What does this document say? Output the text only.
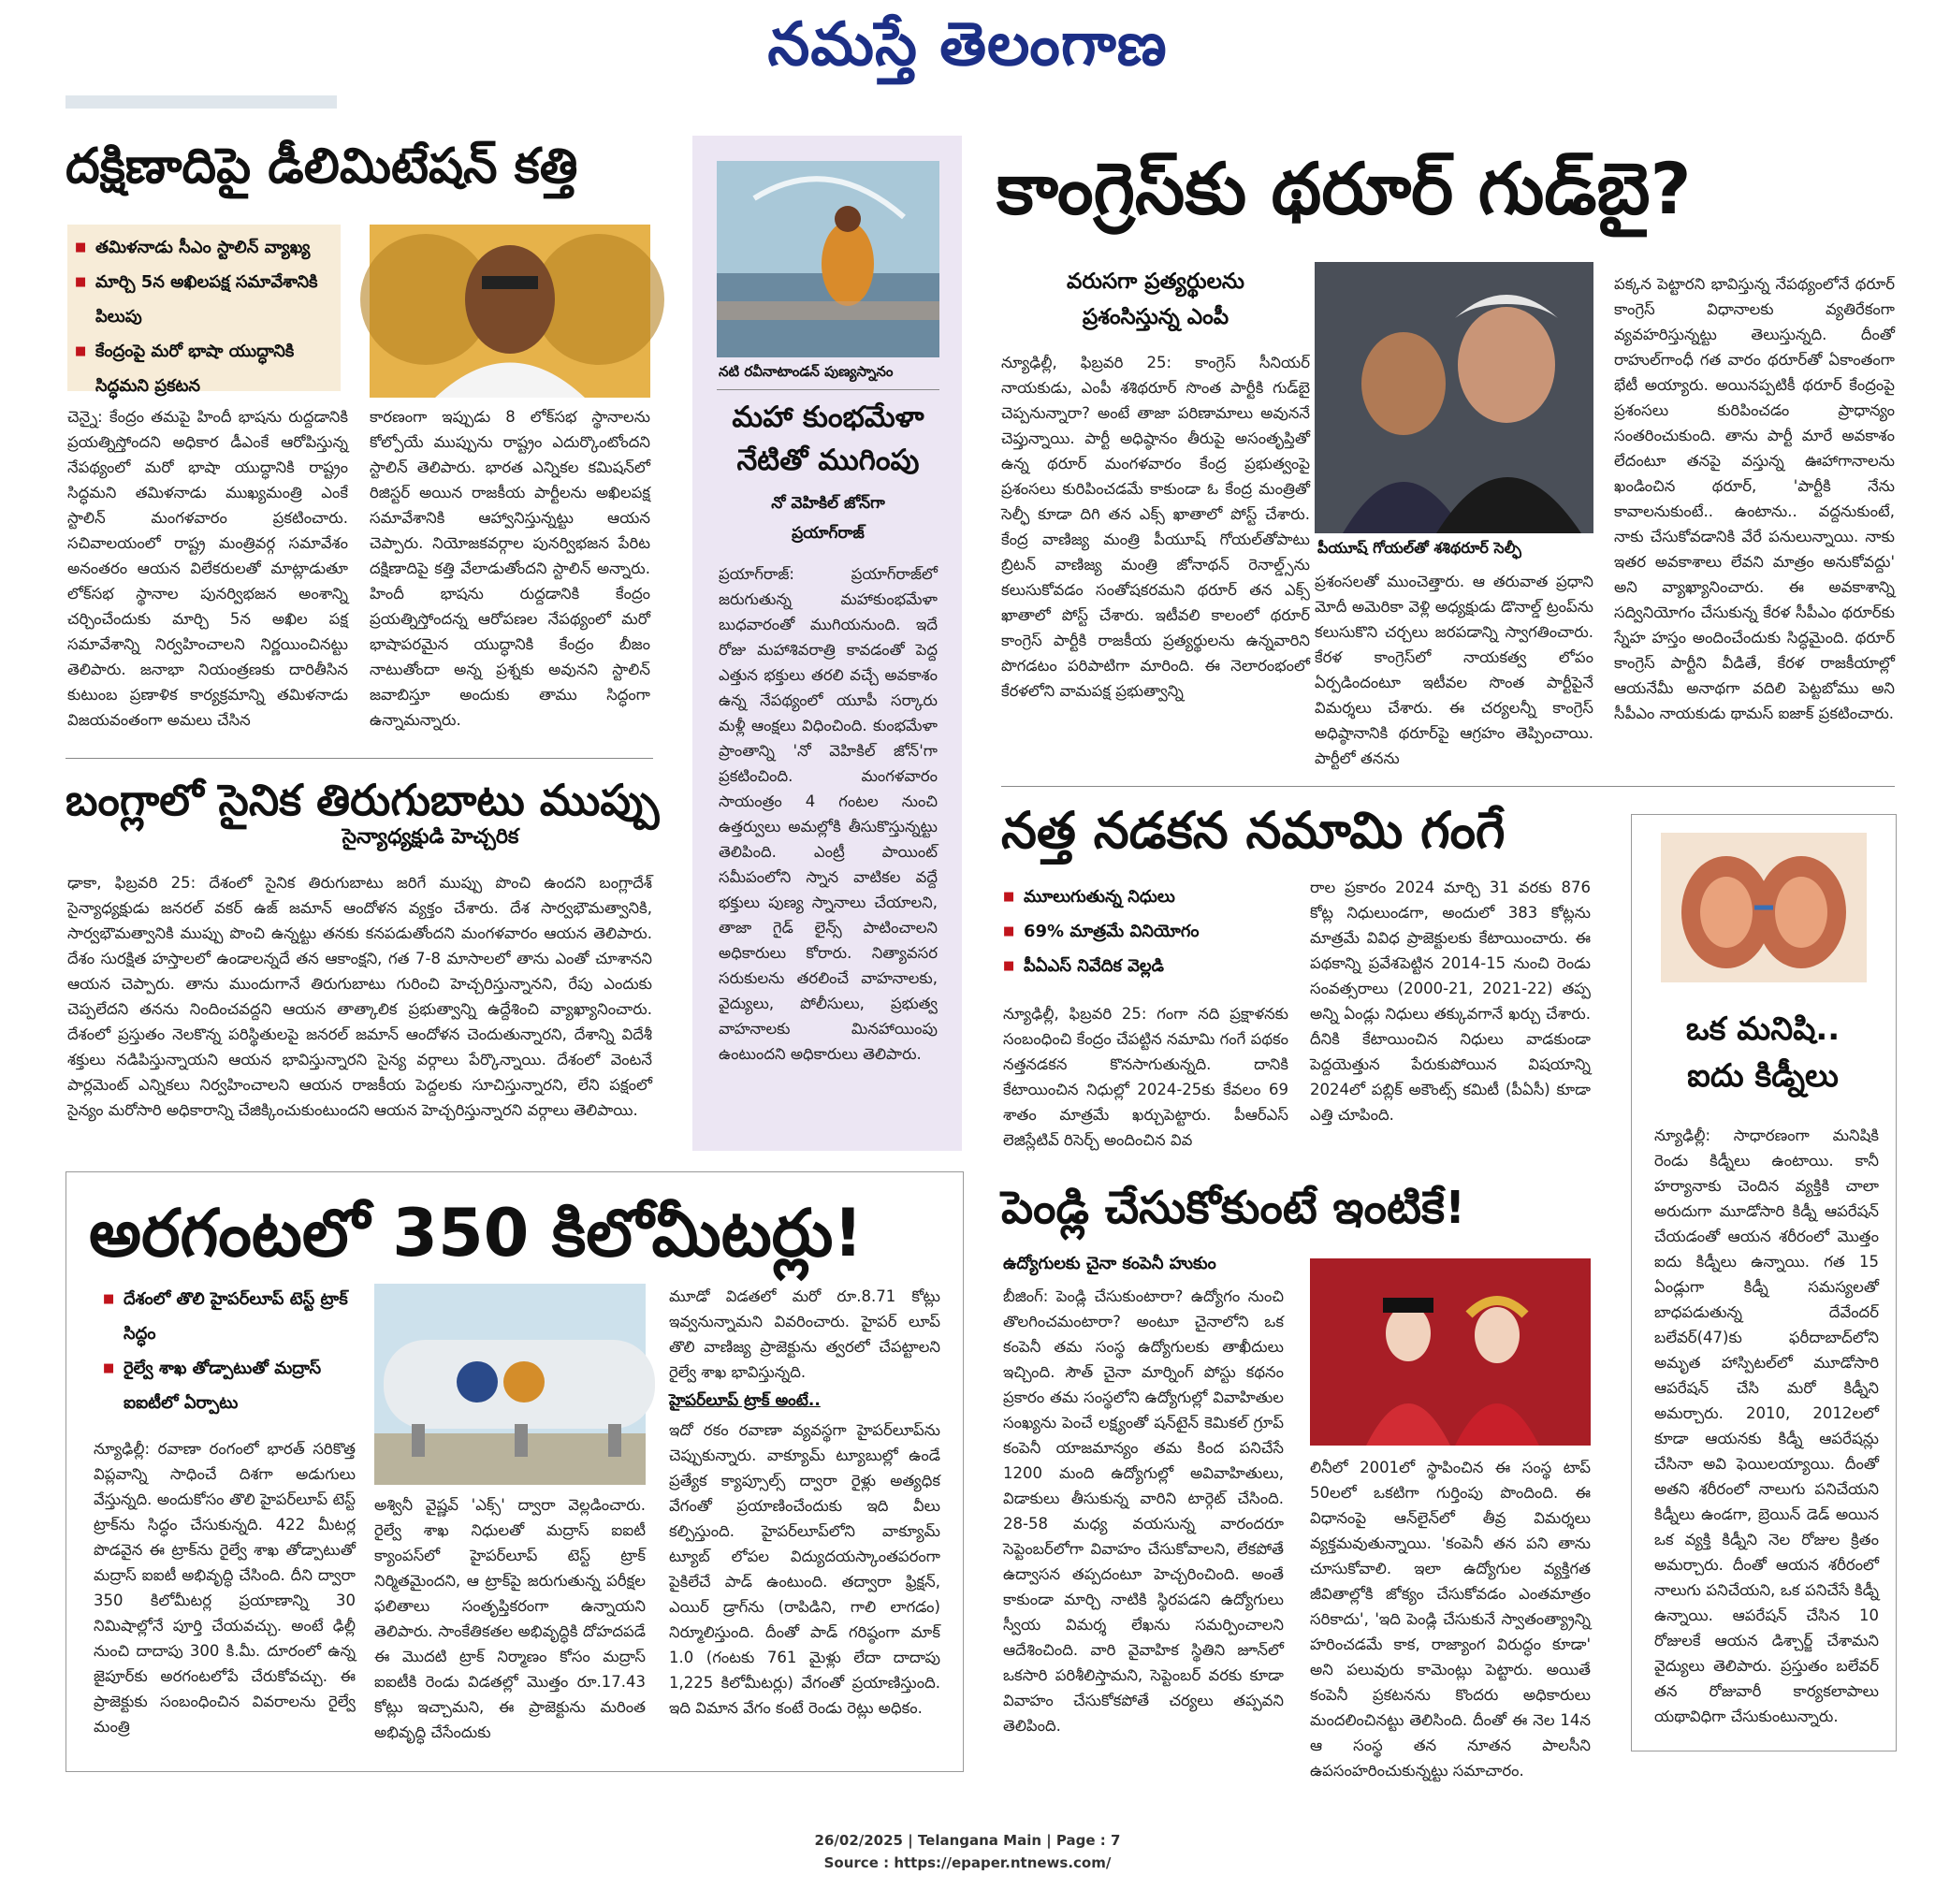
నమస్తే తెలంగాణ
దక్షిణాదిపై డీలిమిటేషన్ కత్తి
■ తమిళనాడు సీఎం స్టాలిన్ వ్యాఖ్య
■ మార్చి 5న అఖిలపక్ష సమావేశానికి పిలుపు
■ కేంద్రంపై మరో భాషా యుద్ధానికి సిద్ధమని ప్రకటన
చెన్నై: కేంద్రం తమపై హిందీ భాషను రుద్దడానికి ప్రయత్నిస్తోందని అధికార డీఎంకే ఆరోపిస్తున్న నేపథ్యంలో మరో భాషా యుద్ధానికి రాష్ట్రం సిద్ధమని తమిళనాడు ముఖ్యమంత్రి ఎంకే స్టాలిన్ మంగళవారం ప్రకటించారు. సచివాలయంలో రాష్ట్ర మంత్రివర్గ సమావేశం అనంతరం ఆయన విలేకరులతో మాట్లాడుతూ లోక్‌సభ స్థానాల పునర్విభజన అంశాన్ని చర్చించేందుకు మార్చి 5న అఖిల పక్ష సమావేశాన్ని నిర్వహించాలని నిర్ణయించినట్టు తెలిపారు. జనాభా నియంత్రణకు దారితీసిన కుటుంబ ప్రణాళిక కార్యక్రమాన్ని తమిళనాడు విజయవంతంగా అమలు చేసిన
కారణంగా ఇప్పుడు 8 లోక్‌సభ స్థానాలను కోల్పోయే ముప్పును రాష్ట్రం ఎదుర్కొంటోందని స్టాలిన్ తెలిపారు. భారత ఎన్నికల కమిషన్‌లో రిజిస్టర్ అయిన రాజకీయ పార్టీలను అఖిలపక్ష సమావేశానికి ఆహ్వానిస్తున్నట్టు ఆయన చెప్పారు. నియోజకవర్గాల పునర్విభజన పేరిట దక్షిణాదిపై కత్తి వేలాడుతోందని స్టాలిన్ అన్నారు. హిందీ భాషను రుద్దడానికి కేంద్రం ప్రయత్నిస్తోందన్న ఆరోపణల నేపథ్యంలో మరో భాషాపరమైన యుద్ధానికి కేంద్రం బీజం నాటుతోందా అన్న ప్రశ్నకు అవునని స్టాలిన్ జవాబిస్తూ అందుకు తాము సిద్ధంగా ఉన్నామన్నారు.
బంగ్లాలో సైనిక తిరుగుబాటు ముప్పు
సైన్యాధ్యక్షుడి హెచ్చరిక
ఢాకా, ఫిబ్రవరి 25: దేశంలో సైనిక తిరుగుబాటు జరిగే ముప్పు పొంచి ఉందని బంగ్లాదేశ్ సైన్యాధ్యక్షుడు జనరల్ వకర్ ఉజ్ జమాన్ ఆందోళన వ్యక్తం చేశారు. దేశ సార్వభౌమత్వానికి, సార్వభౌమత్వానికి ముప్పు పొంచి ఉన్నట్టు తనకు కనపడుతోందని మంగళవారం ఆయన తెలిపారు. దేశం సురక్షిత హస్తాలలో ఉండాలన్నదే తన ఆకాంక్షని, గత 7-8 మాసాలలో తాను ఎంతో చూశానని ఆయన చెప్పారు. తాను ముందుగానే తిరుగుబాటు గురించి హెచ్చరిస్తున్నానని, రేపు ఎందుకు చెప్పలేదని తనను నిందించవద్దని ఆయన తాత్కాలిక ప్రభుత్వాన్ని ఉద్దేశించి వ్యాఖ్యానించారు. దేశంలో ప్రస్తుతం నెలకొన్న పరిస్థితులపై జనరల్ జమాన్ ఆందోళన చెందుతున్నారని, దేశాన్ని విదేశీ శక్తులు నడిపిస్తున్నాయని ఆయన భావిస్తున్నారని సైన్య వర్గాలు పేర్కొన్నాయి. దేశంలో వెంటనే పార్లమెంట్ ఎన్నికలు నిర్వహించాలని ఆయన రాజకీయ పెద్దలకు సూచిస్తున్నారని, లేని పక్షంలో సైన్యం మరోసారి అధికారాన్ని చేజిక్కించుకుంటుందని ఆయన హెచ్చరిస్తున్నారని వర్గాలు తెలిపాయి.
నటి రవీనాటాండన్ పుణ్యస్నానం
మహా కుంభమేళా
నేటితో ముగింపు
నో వెహికిల్ జోన్‌గా
ప్రయాగ్‌రాజ్
ప్రయాగ్‌రాజ్: ప్రయాగ్‌రాజ్‌లో జరుగుతున్న మహాకుంభమేళా బుధవారంతో ముగియనుంది. ఇదే రోజు మహాశివరాత్రి కావడంతో పెద్ద ఎత్తున భక్తులు తరలి వచ్చే అవకాశం ఉన్న నేపథ్యంలో యూపీ సర్కారు మళ్లీ ఆంక్షలు విధించింది. కుంభమేళా ప్రాంతాన్ని 'నో వెహికిల్ జోన్'గా ప్రకటించింది. మంగళవారం సాయంత్రం 4 గంటల నుంచి ఉత్తర్వులు అమల్లోకి తీసుకొస్తున్నట్టు తెలిపింది. ఎంట్రీ పాయింట్ సమీపంలోని స్నాన వాటికల వద్దే భక్తులు పుణ్య స్నానాలు చేయాలని, తాజా గైడ్ లైన్స్ పాటించాలని అధికారులు కోరారు. నిత్యావసర సరుకులను తరలించే వాహనాలకు, వైద్యులు, పోలీసులు, ప్రభుత్వ వాహనాలకు మినహాయింపు ఉంటుందని అధికారులు తెలిపారు.
కాంగ్రెస్‌కు థరూర్ గుడ్‌బై?
వరుసగా ప్రత్యర్థులను
ప్రశంసిస్తున్న ఎంపీ
న్యూఢిల్లీ, ఫిబ్రవరి 25: కాంగ్రెస్ సీనియర్ నాయకుడు, ఎంపీ శశిథరూర్ సొంత పార్టీకి గుడ్‌బై చెప్పనున్నారా? అంటే తాజా పరిణామాలు అవుననే చెప్తున్నాయి. పార్టీ అధిష్ఠానం తీరుపై అసంతృప్తితో ఉన్న థరూర్ మంగళవారం కేంద్ర ప్రభుత్వంపై ప్రశంసలు కురిపించడమే కాకుండా ఓ కేంద్ర మంత్రితో సెల్ఫీ కూడా దిగి తన ఎక్స్ ఖాతాలో పోస్ట్ చేశారు. కేంద్ర వాణిజ్య మంత్రి పీయూష్ గోయల్‌తోపాటు బ్రిటన్ వాణిజ్య మంత్రి జోనాథన్ రెనాల్డ్స్‌ను కలుసుకోవడం సంతోషకరమని థరూర్ తన ఎక్స్ ఖాతాలో పోస్ట్ చేశారు. ఇటీవలి కాలంలో థరూర్ కాంగ్రెస్ పార్టీకి రాజకీయ ప్రత్యర్థులను ఉన్నవారిని పొగడటం పరిపాటిగా మారింది. ఈ నెలారంభంలో కేరళలోని వామపక్ష ప్రభుత్వాన్ని
పీయూష్ గోయల్‌తో శశిథరూర్ సెల్ఫీ
ప్రశంసలతో ముంచెత్తారు. ఆ తరువాత ప్రధాని మోదీ అమెరికా వెళ్లి అధ్యక్షుడు డొనాల్డ్ ట్రంప్‌ను కలుసుకొని చర్చలు జరపడాన్ని స్వాగతించారు. కేరళ కాంగ్రెస్‌లో నాయకత్వ లోపం ఏర్పడిందంటూ ఇటీవల సొంత పార్టీపైనే విమర్శలు చేశారు. ఈ చర్యలన్నీ కాంగ్రెస్ అధిష్ఠానానికి థరూర్‌పై ఆగ్రహం తెప్పించాయి. పార్టీలో తనను
పక్కన పెట్టారని భావిస్తున్న నేపథ్యంలోనే థరూర్ కాంగ్రెస్ విధానాలకు వ్యతిరేకంగా వ్యవహరిస్తున్నట్టు తెలుస్తున్నది. దీంతో రాహుల్‌గాంధీ గత వారం థరూర్‌తో ఏకాంతంగా భేటీ అయ్యారు. అయినప్పటికీ థరూర్ కేంద్రంపై ప్రశంసలు కురిపించడం ప్రాధాన్యం సంతరించుకుంది. తాను పార్టీ మారే అవకాశం లేదంటూ తనపై వస్తున్న ఊహాగానాలను ఖండించిన థరూర్, 'పార్టీకి నేను కావాలనుకుంటే.. ఉంటాను.. వద్దనుకుంటే, నాకు చేసుకోవడానికి వేరే పనులున్నాయి. నాకు ఇతర అవకాశాలు లేవని మాత్రం అనుకోవద్దు' అని వ్యాఖ్యానించారు. ఈ అవకాశాన్ని సద్వినియోగం చేసుకున్న కేరళ సీపీఎం థరూర్‌కు స్నేహ హస్తం అందించేందుకు సిద్ధమైంది. థరూర్ కాంగ్రెస్ పార్టీని వీడితే, కేరళ రాజకీయాల్లో ఆయనేమీ అనాథగా వదిలి పెట్టబోము అని సీపీఎం నాయకుడు థామస్ ఐజాక్ ప్రకటించారు.
నత్త నడకన నమామి గంగే
■ మూలుగుతున్న నిధులు
■ 69% మాత్రమే వినియోగం
■ పీఏఎస్ నివేదిక వెల్లడి
న్యూఢిల్లీ, ఫిబ్రవరి 25: గంగా నది ప్రక్షాళనకు సంబంధించి కేంద్రం చేపట్టిన నమామి గంగే పథకం నత్తనడకన కొనసాగుతున్నది. దానికి కేటాయించిన నిధుల్లో 2024-25కు కేవలం 69 శాతం మాత్రమే ఖర్చుపెట్టారు. పీఆర్ఎస్ లెజిస్లేటివ్ రిసెర్చ్ అందించిన వివ
రాల ప్రకారం 2024 మార్చి 31 వరకు 876 కోట్ల నిధులుండగా, అందులో 383 కోట్లను మాత్రమే వివిధ ప్రాజెక్టులకు కేటాయించారు. ఈ పథకాన్ని ప్రవేశపెట్టిన 2014-15 నుంచి రెండు సంవత్సరాలు (2000-21, 2021-22) తప్ప అన్ని ఏండ్లు నిధులు తక్కువగానే ఖర్చు చేశారు. దీనికి కేటాయించిన నిధులు వాడకుండా పెద్దయెత్తున పేరుకుపోయిన విషయాన్ని 2024లో పబ్లిక్ అకౌంట్స్ కమిటీ (పీఏసీ) కూడా ఎత్తి చూపింది.
ఒక మనిషి..
ఐదు కిడ్నీలు
న్యూఢిల్లీ: సాధారణంగా మనిషికి రెండు కిడ్నీలు ఉంటాయి. కానీ హర్యానాకు చెందిన వ్యక్తికి చాలా అరుదుగా మూడోసారి కిడ్నీ ఆపరేషన్ చేయడంతో ఆయన శరీరంలో మొత్తం ఐదు కిడ్నీలు ఉన్నాయి. గత 15 ఏండ్లుగా కిడ్నీ సమస్యలతో బాధపడుతున్న దేవేందర్ బలేవర్(47)కు ఫరీదాబాద్‌లోని అమృత హాస్పిటల్‌లో మూడోసారి ఆపరేషన్ చేసి మరో కిడ్నీని అమర్చారు. 2010, 2012లలో కూడా ఆయనకు కిడ్నీ ఆపరేషన్లు చేసినా అవి ఫెయిలయ్యాయి. దీంతో అతని శరీరంలో నాలుగు పనిచేయని కిడ్నీలు ఉండగా, బ్రెయిన్ డెడ్ అయిన ఒక వ్యక్తి కిడ్నీని నెల రోజుల క్రితం అమర్చారు. దీంతో ఆయన శరీరంలో నాలుగు పనిచేయని, ఒక పనిచేసే కిడ్నీ ఉన్నాయి. ఆపరేషన్ చేసిన 10 రోజులకే ఆయన డిశ్చార్జ్ చేశామని వైద్యులు తెలిపారు. ప్రస్తుతం బలేవర్ తన రోజువారీ కార్యకలాపాలు యథావిధిగా చేసుకుంటున్నారు.
అరగంటలో 350 కిలోమీటర్లు!
■ దేశంలో తొలి హైపర్‌లూప్ టెస్ట్ ట్రాక్ సిద్ధం
■ రైల్వే శాఖ తోడ్పాటుతో మద్రాస్ ఐఐటీలో ఏర్పాటు
న్యూఢిల్లీ: రవాణా రంగంలో భారత్ సరికొత్త విప్లవాన్ని సాధించే దిశగా అడుగులు వేస్తున్నది. అందుకోసం తొలి హైపర్‌లూప్ టెస్ట్ ట్రాక్‌ను సిద్ధం చేసుకున్నది. 422 మీటర్ల పొడవైన ఈ ట్రాక్‌ను రైల్వే శాఖ తోడ్పాటుతో మద్రాస్ ఐఐటీ అభివృద్ధి చేసింది. దీని ద్వారా 350 కిలోమీటర్ల ప్రయాణాన్ని 30 నిమిషాల్లోనే పూర్తి చేయవచ్చు. అంటే ఢిల్లీ నుంచి దాదాపు 300 కి.మీ. దూరంలో ఉన్న జైపూర్‌కు అరగంటలోపే చేరుకోవచ్చు. ఈ ప్రాజెక్టుకు సంబంధించిన వివరాలను రైల్వే మంత్రి
అశ్వినీ వైష్ణవ్ 'ఎక్స్' ద్వారా వెల్లడించారు. రైల్వే శాఖ నిధులతో మద్రాస్ ఐఐటీ క్యాంపస్‌లో హైపర్‌లూప్ టెస్ట్ ట్రాక్ నిర్మితమైందని, ఆ ట్రాక్‌పై జరుగుతున్న పరీక్షల ఫలితాలు సంతృప్తికరంగా ఉన్నాయని తెలిపారు. సాంకేతికతల అభివృద్ధికి దోహదపడే ఈ మొదటి ట్రాక్ నిర్మాణం కోసం మద్రాస్ ఐఐటీకి రెండు విడతల్లో మొత్తం రూ.17.43 కోట్లు ఇచ్చామని, ఈ ప్రాజెక్టును మరింత అభివృద్ధి చేసేందుకు
మూడో విడతలో మరో రూ.8.71 కోట్లు ఇవ్వనున్నామని వివరించారు. హైపర్ లూప్ తొలి వాణిజ్య ప్రాజెక్టును త్వరలో చేపట్టాలని రైల్వే శాఖ భావిస్తున్నది.
హైపర్‌లూప్ ట్రాక్ అంటే..
ఇదో రకం రవాణా వ్యవస్థగా హైపర్‌లూప్‌ను చెప్పుకున్నారు. వాక్యూమ్ ట్యూబుల్లో ఉండే ప్రత్యేక క్యాప్సూల్స్ ద్వారా రైళ్లు అత్యధిక వేగంతో ప్రయాణించేందుకు ఇది వీలు కల్పిస్తుంది. హైపర్‌లూప్‌లోని వాక్యూమ్ ట్యూబ్ లోపల విద్యుదయస్కాంతపరంగా పైకిలేచే పాడ్ ఉంటుంది. తద్వారా ఫ్రిక్షన్, ఎయిర్ డ్రాగ్‌ను (రాపిడిని, గాలి లాగడం) నిర్మూలిస్తుంది. దీంతో పాడ్ గరిష్ఠంగా మాక్ 1.0 (గంటకు 761 మైళ్లు లేదా దాదాపు 1,225 కిలోమీటర్లు) వేగంతో ప్రయాణిస్తుంది. ఇది విమాన వేగం కంటే రెండు రెట్లు అధికం.
పెండ్లి చేసుకోకుంటే ఇంటికే!
ఉద్యోగులకు చైనా కంపెనీ హుకుం
బీజింగ్: పెండ్లి చేసుకుంటారా? ఉద్యోగం నుంచి తొలగించమంటారా? అంటూ చైనాలోని ఒక కంపెనీ తమ సంస్థ ఉద్యోగులకు తాఖీదులు ఇచ్చింది. సౌత్ చైనా మార్నింగ్ పోస్టు కథనం ప్రకారం తమ సంస్థలోని ఉద్యోగుల్లో వివాహితుల సంఖ్యను పెంచే లక్ష్యంతో షన్‌టైన్ కెమికల్ గ్రూప్ కంపెనీ యాజమాన్యం తమ కింద పనిచేసే 1200 మంది ఉద్యోగుల్లో అవివాహితులు, విడాకులు తీసుకున్న వారిని టార్గెట్ చేసింది. 28-58 మధ్య వయసున్న వారందరూ సెప్టెంబర్‌లోగా వివాహం చేసుకోవాలని, లేకపోతే ఉద్వాసన తప్పదంటూ హెచ్చరించింది. అంతే కాకుండా మార్చి నాటికి స్థిరపడని ఉద్యోగులు స్వీయ విమర్శ లేఖను సమర్పించాలని ఆదేశించింది. వారి వైవాహిక స్థితిని జూన్‌లో ఒకసారి పరిశీలిస్తామని, సెప్టెంబర్ వరకు కూడా వివాహం చేసుకోకపోతే చర్యలు తప్పవని తెలిపింది.
లినీలో 2001లో స్థాపించిన ఈ సంస్థ టాప్ 50లలో ఒకటిగా గుర్తింపు పొందింది. ఈ విధానంపై ఆన్‌లైన్‌లో తీవ్ర విమర్శలు వ్యక్తమవుతున్నాయి. 'కంపెనీ తన పని తాను చూసుకోవాలి. ఇలా ఉద్యోగుల వ్యక్తిగత జీవితాల్లోకి జోక్యం చేసుకోవడం ఎంతమాత్రం సరికాదు', 'ఇది పెండ్లి చేసుకునే స్వాతంత్య్రాన్ని హరించడమే కాక, రాజ్యాంగ విరుద్ధం కూడా' అని పలువురు కామెంట్లు పెట్టారు. అయితే కంపెనీ ప్రకటనను కొందరు అధికారులు మందలించినట్టు తెలిసింది. దీంతో ఈ నెల 14న ఆ సంస్థ తన నూతన పాలసీని ఉపసంహరించుకున్నట్టు సమాచారం.
26/02/2025 | Telangana Main | Page : 7
Source : https://epaper.ntnews.com/
